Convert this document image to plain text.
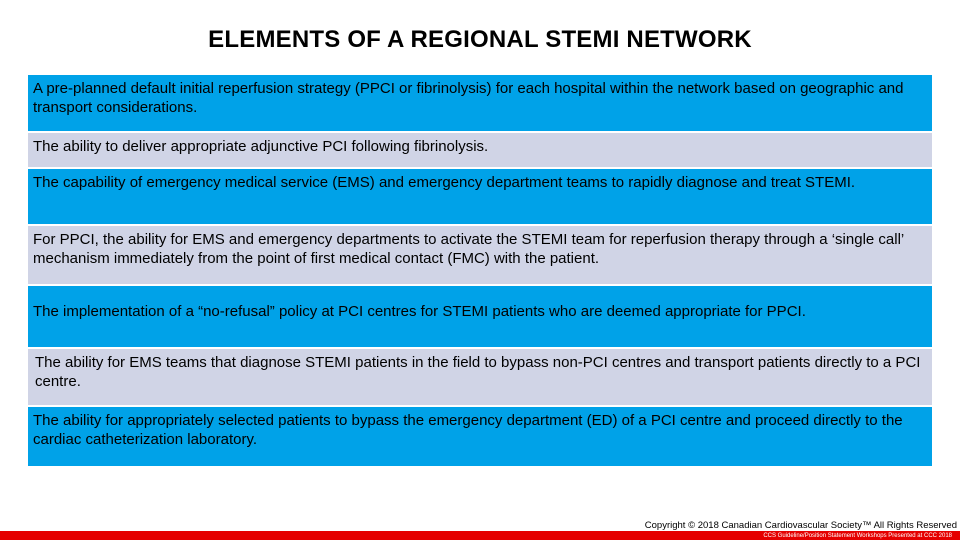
ELEMENTS OF A REGIONAL STEMI NETWORK
A pre-planned default initial reperfusion strategy (PPCI or fibrinolysis) for each hospital within the network based on geographic and transport considerations.
The ability to deliver appropriate adjunctive PCI following fibrinolysis.
The capability of emergency medical service (EMS) and emergency department teams to rapidly diagnose and treat STEMI.
For PPCI, the ability for EMS and emergency departments to activate the STEMI team for reperfusion therapy through a ‘single call’ mechanism immediately from the point of first medical contact (FMC) with the patient.
The implementation of a “no-refusal” policy at PCI centres for STEMI patients who are deemed appropriate for PPCI.
The ability for EMS teams that diagnose STEMI patients in the field to bypass non-PCI centres and transport patients directly to a PCI centre.
The ability for appropriately selected patients to bypass the emergency department (ED) of a PCI centre and proceed directly to the cardiac catheterization laboratory.
Copyright © 2018 Canadian Cardiovascular Society™ All Rights Reserved
CCS Guideline/Position Statement Workshops Presented at CCC 2018
